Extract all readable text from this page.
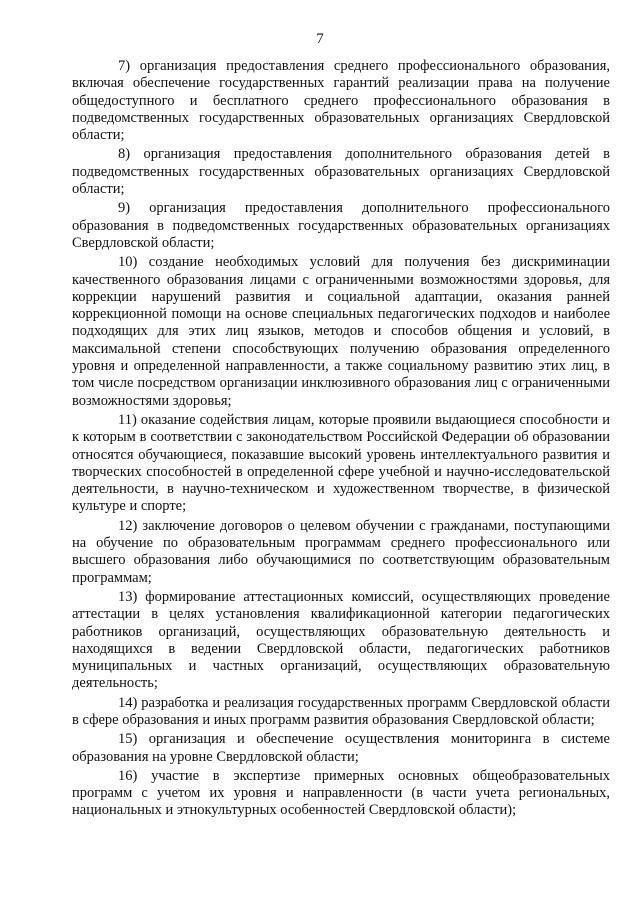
7

7) организация предоставления среднего профессионального образования, включая обеспечение государственных гарантий реализации права на получение общедоступного и бесплатного среднего профессионального образования в подведомственных государственных образовательных организациях Свердловской области;

8) организация предоставления дополнительного образования детей в подведомственных государственных образовательных организациях Свердловской области;

9) организация предоставления дополнительного профессионального образования в подведомственных государственных образовательных организациях Свердловской области;

10) создание необходимых условий для получения без дискриминации качественного образования лицами с ограниченными возможностями здоровья, для коррекции нарушений развития и социальной адаптации, оказания ранней коррекционной помощи на основе специальных педагогических подходов и наиболее подходящих для этих лиц языков, методов и способов общения и условий, в максимальной степени способствующих получению образования определенного уровня и определенной направленности, а также социальному развитию этих лиц, в том числе посредством организации инклюзивного образования лиц с ограниченными возможностями здоровья;

11) оказание содействия лицам, которые проявили выдающиеся способности и к которым в соответствии с законодательством Российской Федерации об образовании относятся обучающиеся, показавшие высокий уровень интеллектуального развития и творческих способностей в определенной сфере учебной и научно-исследовательской деятельности, в научно-техническом и художественном творчестве, в физической культуре и спорте;

12) заключение договоров о целевом обучении с гражданами, поступающими на обучение по образовательным программам среднего профессионального или высшего образования либо обучающимися по соответствующим образовательным программам;

13) формирование аттестационных комиссий, осуществляющих проведение аттестации в целях установления квалификационной категории педагогических работников организаций, осуществляющих образовательную деятельность и находящихся в ведении Свердловской области, педагогических работников муниципальных и частных организаций, осуществляющих образовательную деятельность;

14) разработка и реализация государственных программ Свердловской области в сфере образования и иных программ развития образования Свердловской области;

15) организация и обеспечение осуществления мониторинга в системе образования на уровне Свердловской области;

16) участие в экспертизе примерных основных общеобразовательных программ с учетом их уровня и направленности (в части учета региональных, национальных и этнокультурных особенностей Свердловской области);
